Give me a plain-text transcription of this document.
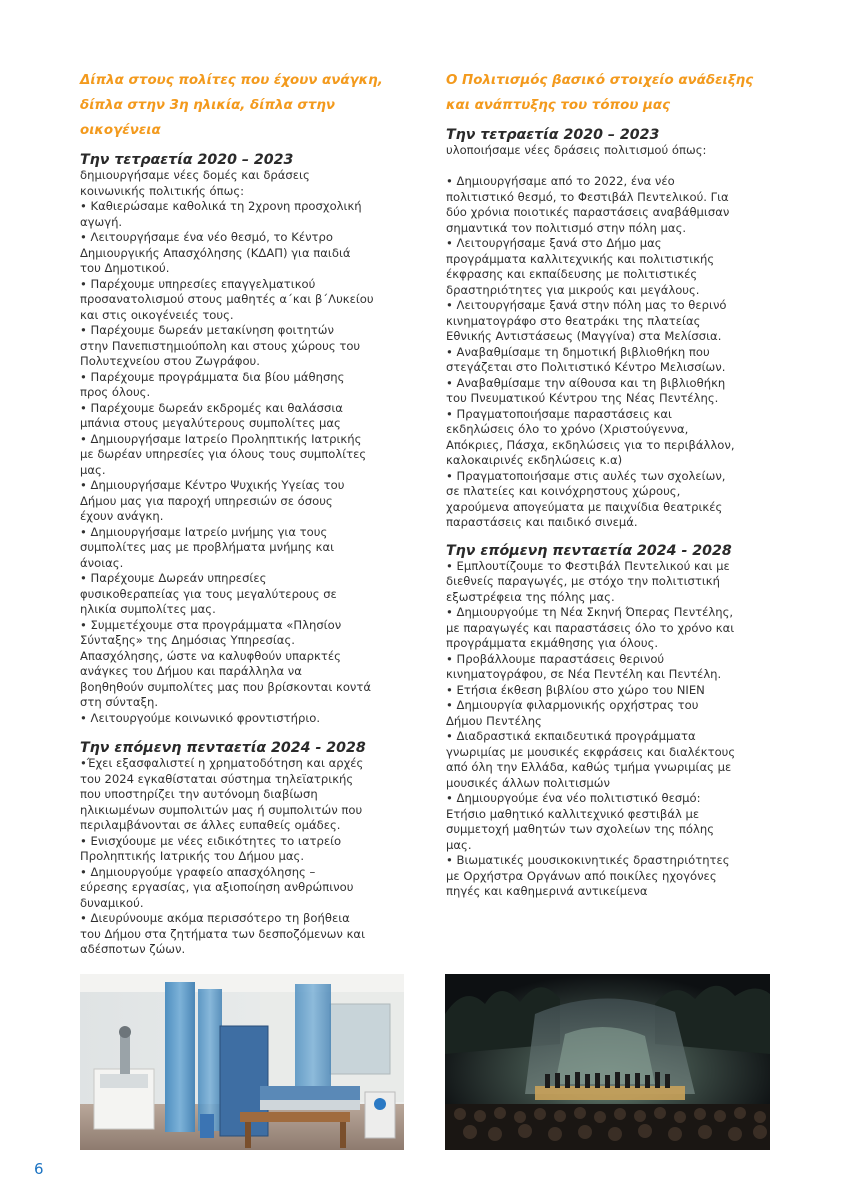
Δίπλα στους πολίτες που έχουν ανάγκη,
δίπλα στην 3η ηλικία, δίπλα στην
οικογένεια

Την τετραετία 2020 – 2023

δημιουργήσαμε νέες δομές και δράσεις
κοινωνικής πολιτικής όπως:
• Καθιερώσαμε καθολικά τη 2χρονη προσχολική
αγωγή.
• Λειτουργήσαμε ένα νέο θεσμό, το Κέντρο
Δημιουργικής Απασχόλησης (ΚΔΑΠ) για παιδιά
του Δημοτικού.
• Παρέχουμε υπηρεσίες επαγγελματικού
προσανατολισμού στους μαθητές α΄και β΄Λυκείου
και στις οικογένειές τους.
• Παρέχουμε δωρεάν μετακίνηση φοιτητών
στην Πανεπιστημιούπολη και στους χώρους του
Πολυτεχνείου στου Ζωγράφου.
• Παρέχουμε προγράμματα δια βίου μάθησης
προς όλους.
• Παρέχουμε δωρεάν εκδρομές και θαλάσσια
μπάνια στους μεγαλύτερους συμπολίτες μας
• Δημιουργήσαμε Ιατρείο Προληπτικής Ιατρικής
με δωρέαν υπηρεσίες για όλους τους συμπολίτες
μας.
• Δημιουργήσαμε Κέντρο Ψυχικής Υγείας του
Δήμου μας για παροχή υπηρεσιών σε όσους
έχουν ανάγκη.
• Δημιουργήσαμε Ιατρείο μνήμης για τους
συμπολίτες μας με προβλήματα μνήμης και
άνοιας.
• Παρέχουμε Δωρεάν υπηρεσίες
φυσικοθεραπείας για τους μεγαλύτερους σε
ηλικία συμπολίτες μας.
• Συμμετέχουμε στα προγράμματα «Πλησίον
Σύνταξης» της Δημόσιας Υπηρεσίας.
Απασχόλησης, ώστε να καλυφθούν υπαρκτές
ανάγκες του Δήμου και παράλληλα να
βοηθηθούν συμπολίτες μας που βρίσκονται κοντά
στη σύνταξη.
• Λειτουργούμε κοινωνικό φροντιστήριο.

Την επόμενη πενταετία 2024 - 2028

•Έχει εξασφαλιστεί η χρηματοδότηση και αρχές
του 2024 εγκαθίσταται σύστημα τηλεϊατρικής
που υποστηρίζει την αυτόνομη διαβίωση
ηλικιωμένων συμπολιτών μας ή συμπολιτών που
περιλαμβάνονται σε άλλες ευπαθείς ομάδες.
• Ενισχύουμε με νέες ειδικότητες το ιατρείο
Προληπτικής Ιατρικής του Δήμου μας.
• Δημιουργούμε γραφείο απασχόλησης –
εύρεσης εργασίας, για αξιοποίηση ανθρώπινου
δυναμικού.
• Διευρύνουμε ακόμα περισσότερο τη βοήθεια
του Δήμου στα ζητήματα των δεσποζόμενων και
αδέσποτων ζώων.

Ο Πολιτισμός βασικό στοιχείο ανάδειξης
και ανάπτυξης του τόπου μας

Την τετραετία 2020 – 2023

υλοποιήσαμε νέες δράσεις πολιτισμού όπως:

• Δημιουργήσαμε από το 2022, ένα νέο
πολιτιστικό θεσμό, το Φεστιβάλ Πεντελικού. Για
δύο χρόνια ποιοτικές παραστάσεις αναβάθμισαν
σημαντικά τον πολιτισμό στην πόλη μας.
• Λειτουργήσαμε ξανά στο Δήμο μας
προγράμματα καλλιτεχνικής και πολιτιστικής
έκφρασης και εκπαίδευσης με πολιτιστικές
δραστηριότητες για μικρούς και μεγάλους.
• Λειτουργήσαμε ξανά στην πόλη μας το θερινό
κινηματογράφο στο θεατράκι της πλατείας
Εθνικής Αντιστάσεως (Μαγγίνα) στα Μελίσσια.
• Αναβαθμίσαμε τη δημοτική βιβλιοθήκη που
στεγάζεται στο Πολιτιστικό Κέντρο Μελισσίων.
• Αναβαθμίσαμε την αίθουσα και τη βιβλιοθήκη
του Πνευματικού Κέντρου της Νέας Πεντέλης.
• Πραγματοποιήσαμε παραστάσεις και
εκδηλώσεις όλο το χρόνο (Χριστούγεννα,
Απόκριες, Πάσχα, εκδηλώσεις για το περιβάλλον,
καλοκαιρινές εκδηλώσεις κ.α)
• Πραγματοποιήσαμε στις αυλές των σχολείων,
σε πλατείες και κοινόχρηστους χώρους,
χαρούμενα απογεύματα με παιχνίδια θεατρικές
παραστάσεις και παιδικό σινεμά.

Την επόμενη πενταετία 2024 - 2028

• Εμπλουτίζουμε το Φεστιβάλ Πεντελικού και με
διεθνείς παραγωγές, με στόχο την πολιτιστική
εξωστρέφεια της πόλης μας.
• Δημιουργούμε τη Νέα Σκηνή Όπερας Πεντέλης,
με παραγωγές και παραστάσεις όλο το χρόνο και
προγράμματα εκμάθησης για όλους.
• Προβάλλουμε παραστάσεις θερινού
κινηματογράφου, σε Νέα Πεντέλη και Πεντέλη.
• Ετήσια έκθεση βιβλίου στο χώρο του ΝΙΕΝ
• Δημιουργία φιλαρμονικής ορχήστρας του
Δήμου Πεντέλης
• Διαδραστικά εκπαιδευτικά προγράμματα
γνωριμίας με μουσικές εκφράσεις και διαλέκτους
από όλη την Ελλάδα, καθώς τμήμα γνωριμίας με
μουσικές άλλων πολιτισμών
• Δημιουργούμε ένα νέο πολιτιστικό θεσμό:
Ετήσιο μαθητικό καλλιτεχνικό φεστιβάλ με
συμμετοχή μαθητών των σχολείων της πόλης
μας.
• Βιωματικές μουσικοκινητικές δραστηριότητες
με Ορχήστρα Οργάνων από ποικίλες ηχογόνες
πηγές και καθημερινά αντικείμενα

6
